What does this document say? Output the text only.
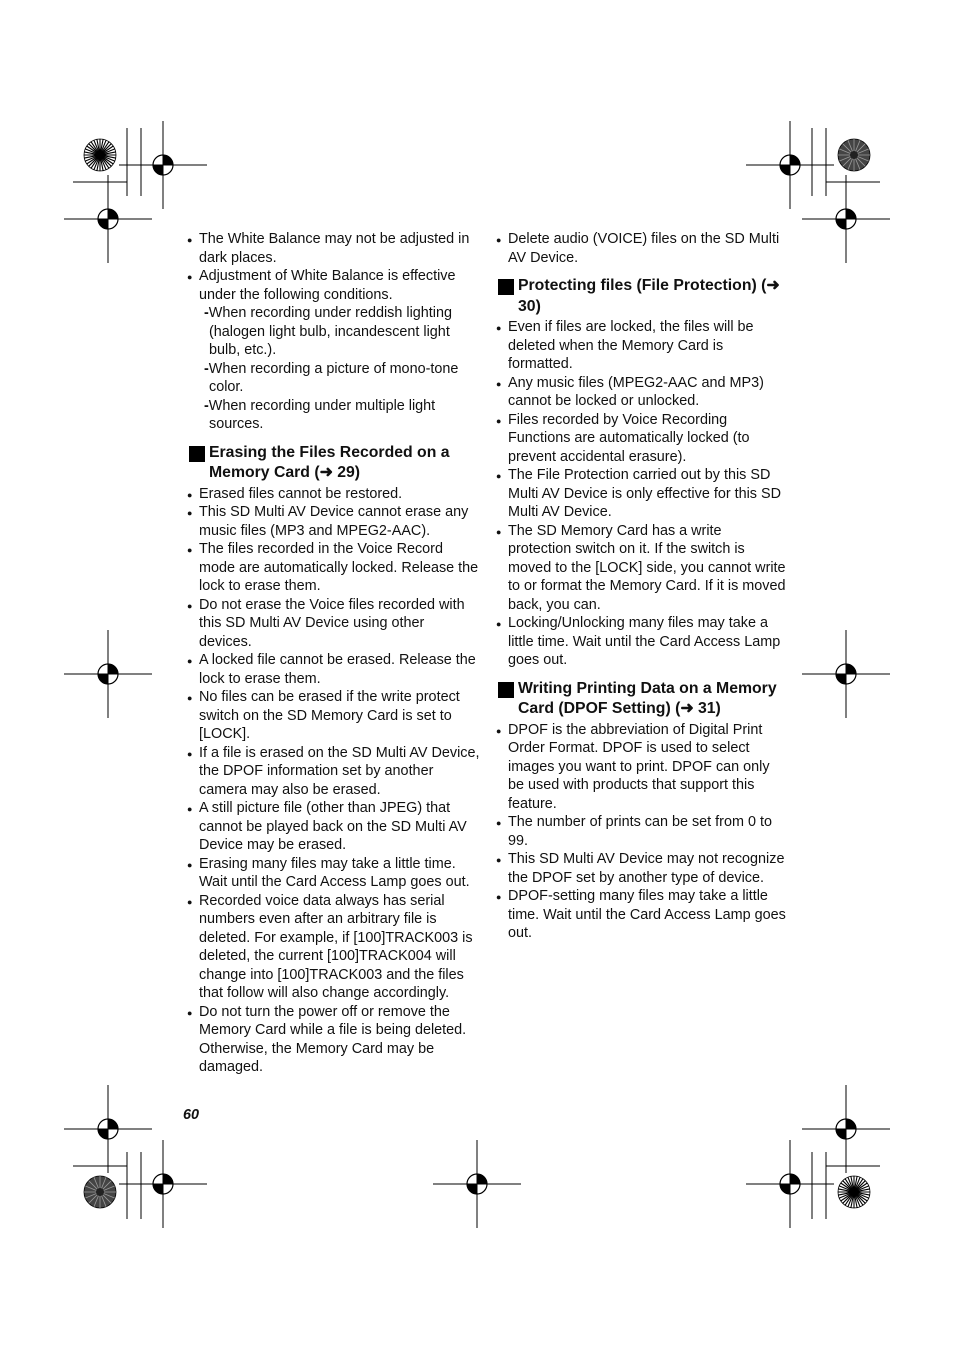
● The White Balance may not be adjusted in dark places.
● Adjustment of White Balance is effective under the following conditions.
-When recording under reddish lighting (halogen light bulb, incandescent light bulb, etc.).
-When recording a picture of mono-tone color.
-When recording under multiple light sources.
Erasing the Files Recorded on a Memory Card (➜ 29)
● Erased files cannot be restored.
● This SD Multi AV Device cannot erase any music files (MP3 and MPEG2-AAC).
● The files recorded in the Voice Record mode are automatically locked. Release the lock to erase them.
● Do not erase the Voice files recorded with this SD Multi AV Device using other devices.
● A locked file cannot be erased. Release the lock to erase them.
● No files can be erased if the write protect switch on the SD Memory Card is set to [LOCK].
● If a file is erased on the SD Multi AV Device, the DPOF information set by another camera may also be erased.
● A still picture file (other than JPEG) that cannot be played back on the SD Multi AV Device may be erased.
● Erasing many files may take a little time. Wait until the Card Access Lamp goes out.
● Recorded voice data always has serial numbers even after an arbitrary file is deleted. For example, if [100]TRACK003 is deleted, the current [100]TRACK004 will change into [100]TRACK003 and the files that follow will also change accordingly.
● Do not turn the power off or remove the Memory Card while a file is being deleted. Otherwise, the Memory Card may be damaged.
● Delete audio (VOICE) files on the SD Multi AV Device.
Protecting files (File Protection) (➜ 30)
● Even if files are locked, the files will be deleted when the Memory Card is formatted.
● Any music files (MPEG2-AAC and MP3) cannot be locked or unlocked.
● Files recorded by Voice Recording Functions are automatically locked (to prevent accidental erasure).
● The File Protection carried out by this SD Multi AV Device is only effective for this SD Multi AV Device.
● The SD Memory Card has a write protection switch on it. If the switch is moved to the [LOCK] side, you cannot write to or format the Memory Card. If it is moved back, you can.
● Locking/Unlocking many files may take a little time. Wait until the Card Access Lamp goes out.
Writing Printing Data on a Memory Card (DPOF Setting) (➜ 31)
● DPOF is the abbreviation of Digital Print Order Format. DPOF is used to select images you want to print. DPOF can only be used with products that support this feature.
● The number of prints can be set from 0 to 99.
● This SD Multi AV Device may not recognize the DPOF set by another type of device.
● DPOF-setting many files may take a little time. Wait until the Card Access Lamp goes out.
60
